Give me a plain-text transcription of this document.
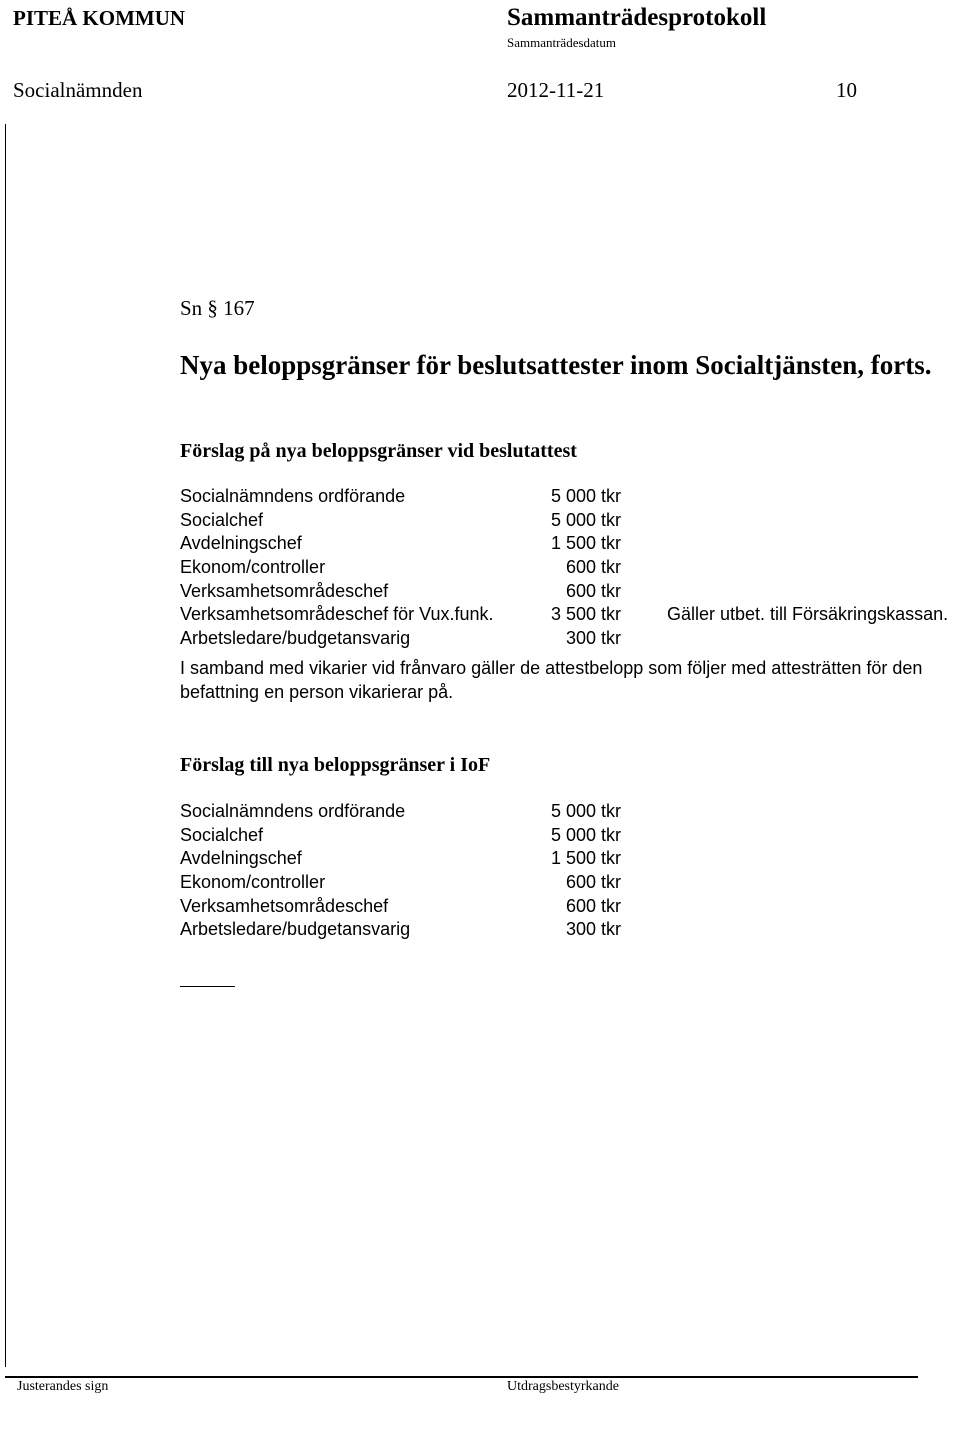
PITEÅ KOMMUN	Sammanträdesprotokoll
Sammanträdesdatum
Socialnämnden	2012-11-21	10
Sn § 167
Nya beloppsgränser för beslutsattester inom Socialtjänsten, forts.
Förslag på nya beloppsgränser vid beslutattest
Socialnämndens ordförande	5 000 tkr
Socialchef	5 000 tkr
Avdelningschef	1 500 tkr
Ekonom/controller	600 tkr
Verksamhetsområdeschef	600 tkr
Verksamhetsområdeschef för Vux.funk.	3 500 tkr	Gäller utbet. till Försäkringskassan.
Arbetsledare/budgetansvarig	300 tkr
I samband med vikarier vid frånvaro gäller de attestbelopp som följer med attesträtten för den befattning en person vikarierar på.
Förslag till nya beloppsgränser i IoF
Socialnämndens ordförande	5 000 tkr
Socialchef	5 000 tkr
Avdelningschef	1 500 tkr
Ekonom/controller	600 tkr
Verksamhetsområdeschef	600 tkr
Arbetsledare/budgetansvarig	300 tkr
Justerandes sign	Utdragsbestyrkande
